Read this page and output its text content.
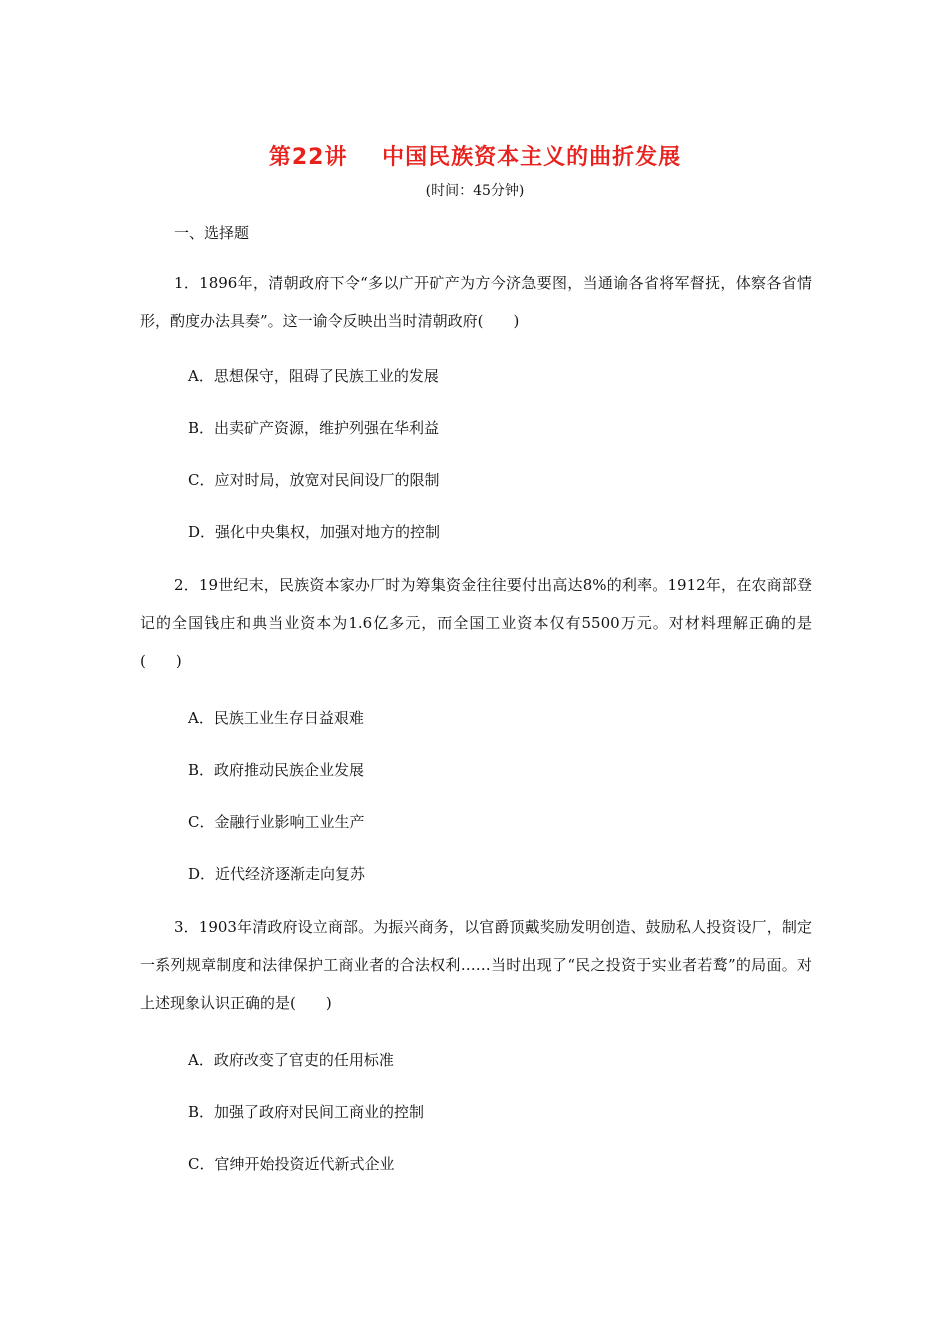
第22讲    中国民族资本主义的曲折发展
(时间：45分钟)
一、选择题

1．1896年，清朝政府下令“多以广开矿产为方今济急要图，当通谕各省将军督抚，体察各省情形，酌度办法具奏”。这一谕令反映出当时清朝政府(　　)

A．思想保守，阻碍了民族工业的发展
B．出卖矿产资源，维护列强在华利益
C．应对时局，放宽对民间设厂的限制
D．强化中央集权，加强对地方的控制

2．19世纪末，民族资本家办厂时为筹集资金往往要付出高达8%的利率。1912年，在农商部登记的全国钱庄和典当业资本为1.6亿多元，而全国工业资本仅有5500万元。对材料理解正确的是(　　)

A．民族工业生存日益艰难
B．政府推动民族企业发展
C．金融行业影响工业生产
D．近代经济逐渐走向复苏

3．1903年清政府设立商部。为振兴商务，以官爵顶戴奖励发明创造、鼓励私人投资设厂，制定一系列规章制度和法律保护工商业者的合法权利……当时出现了“民之投资于实业者若鹜”的局面。对上述现象认识正确的是(　　)

A．政府改变了官吏的任用标准
B．加强了政府对民间工商业的控制
C．官绅开始投资近代新式企业
